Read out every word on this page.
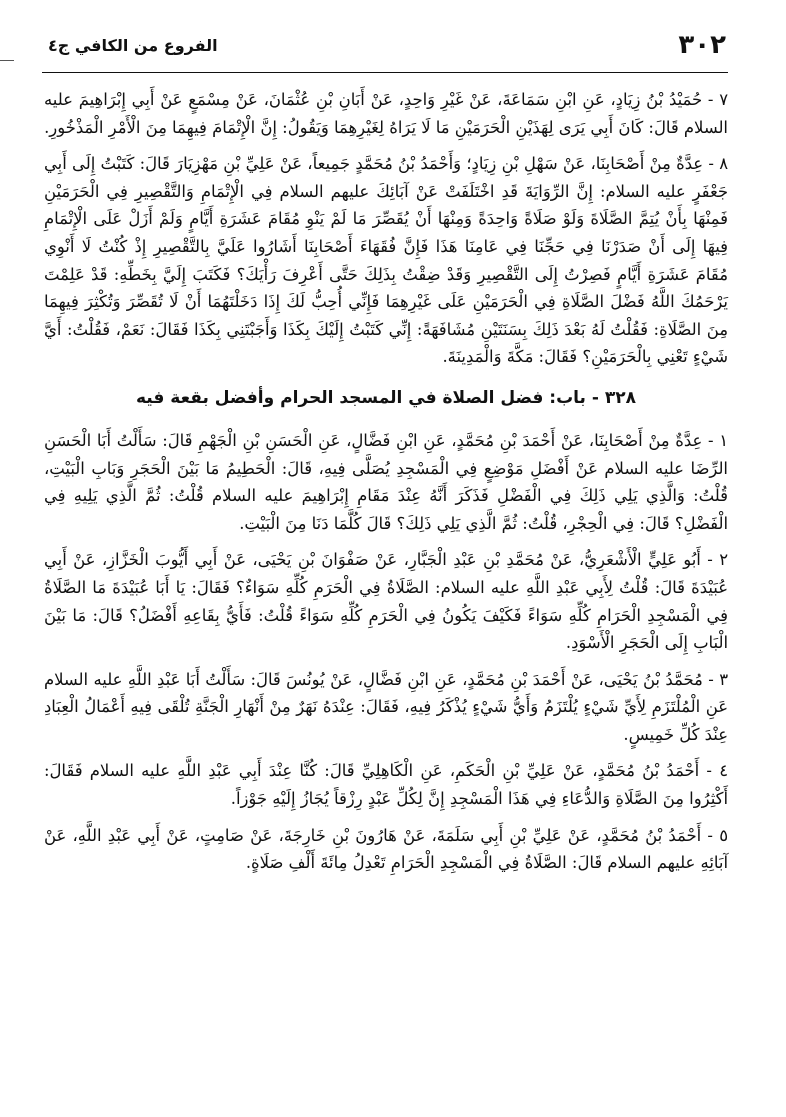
٣٠٢
الفروع من الكافي ج٤

٧ - حُمَيْدُ بْنُ زِيَادٍ، عَنِ ابْنِ سَمَاعَةَ، عَنْ غَيْرِ وَاحِدٍ، عَنْ أَبَانِ بْنِ عُثْمَانَ، عَنْ مِسْمَعٍ عَنْ أَبِي إِبْرَاهِيمَ عليه السلام قَالَ: كَانَ أَبِي يَرَى لِهَذَيْنِ الْحَرَمَيْنِ مَا لَا يَرَاهُ لِغَيْرِهِمَا وَيَقُولُ: إِنَّ الْإِتْمَامَ فِيهِمَا مِنَ الْأَمْرِ الْمَذْخُورِ.

٨ - عِدَّةٌ مِنْ أَصْحَابِنَا، عَنْ سَهْلِ بْنِ زِيَادٍ؛ وَأَحْمَدُ بْنُ مُحَمَّدٍ جَمِيعاً، عَنْ عَلِيِّ بْنِ مَهْزِيَارَ قَالَ: كَتَبْتُ إِلَى أَبِي جَعْفَرٍ عليه السلام: إِنَّ الرِّوَايَةَ قَدِ اخْتَلَفَتْ عَنْ آبَائِكَ عليهم السلام فِي الْإِتْمَامِ وَالتَّقْصِيرِ فِي الْحَرَمَيْنِ فَمِنْهَا بِأَنْ يُتِمَّ الصَّلَاةَ وَلَوْ صَلَاةً وَاحِدَةً وَمِنْهَا أَنْ يُقَصِّرَ مَا لَمْ يَنْوِ مُقَامَ عَشَرَةِ أَيَّامٍ وَلَمْ أَزَلْ عَلَى الْإِتْمَامِ فِيهَا إِلَى أَنْ صَدَرْنَا فِي حَجِّنَا فِي عَامِنَا هَذَا فَإِنَّ فُقَهَاءَ أَصْحَابِنَا أَشَارُوا عَلَيَّ بِالتَّقْصِيرِ إِذْ كُنْتُ لَا أَنْوِي مُقَامَ عَشَرَةِ أَيَّامٍ فَصِرْتُ إِلَى التَّقْصِيرِ وَقَدْ ضِقْتُ بِذَلِكَ حَتَّى أَعْرِفَ رَأْيَكَ؟ فَكَتَبَ إِلَيَّ بِخَطِّهِ: قَدْ عَلِمْتَ يَرْحَمُكَ اللَّهُ فَضْلَ الصَّلَاةِ فِي الْحَرَمَيْنِ عَلَى غَيْرِهِمَا فَإِنِّي أُحِبُّ لَكَ إِذَا دَخَلْتَهُمَا أَنْ لَا تُقَصِّرَ وَتُكْثِرَ فِيهِمَا مِنَ الصَّلَاةِ: فَقُلْتُ لَهُ بَعْدَ ذَلِكَ بِسَنَتَيْنِ مُشَافَهَةً: إِنِّي كَتَبْتُ إِلَيْكَ بِكَذَا وَأَجَبْتَنِي بِكَذَا فَقَالَ: نَعَمْ، فَقُلْتُ: أَيَّ شَيْءٍ تَعْنِي بِالْحَرَمَيْنِ؟ فَقَالَ: مَكَّةَ وَالْمَدِينَةَ.

٣٢٨ - باب: فضل الصلاة في المسجد الحرام وأفضل بقعة فيه

١ - عِدَّةٌ مِنْ أَصْحَابِنَا، عَنْ أَحْمَدَ بْنِ مُحَمَّدٍ، عَنِ ابْنِ فَضَّالٍ، عَنِ الْحَسَنِ بْنِ الْجَهْمِ قَالَ: سَأَلْتُ أَبَا الْحَسَنِ الرِّضَا عليه السلام عَنْ أَفْضَلِ مَوْضِعٍ فِي الْمَسْجِدِ يُصَلَّى فِيهِ، قَالَ: الْحَطِيمُ مَا بَيْنَ الْحَجَرِ وَبَابِ الْبَيْتِ، قُلْتُ: وَالَّذِي يَلِي ذَلِكَ فِي الْفَضْلِ فَذَكَرَ أَنَّهُ عِنْدَ مَقَامِ إِبْرَاهِيمَ عليه السلام قُلْتُ: ثُمَّ الَّذِي يَلِيهِ فِي الْفَضْلِ؟ قَالَ: فِي الْحِجْرِ، قُلْتُ: ثُمَّ الَّذِي يَلِي ذَلِكَ؟ قَالَ كُلَّمَا دَنَا مِنَ الْبَيْتِ.

٢ - أَبُو عَلِيٍّ الْأَشْعَرِيُّ، عَنْ مُحَمَّدِ بْنِ عَبْدِ الْجَبَّارِ، عَنْ صَفْوَانَ بْنِ يَحْيَى، عَنْ أَبِي أَيُّوبَ الْخَزَّازِ، عَنْ أَبِي عُبَيْدَةَ قَالَ: قُلْتُ لِأَبِي عَبْدِ اللَّهِ عليه السلام: الصَّلَاةُ فِي الْحَرَمِ كُلِّهِ سَوَاءٌ؟ فَقَالَ: يَا أَبَا عُبَيْدَةَ مَا الصَّلَاةُ فِي الْمَسْجِدِ الْحَرَامِ كُلِّهِ سَوَاءً فَكَيْفَ يَكُونُ فِي الْحَرَمِ كُلِّهِ سَوَاءً قُلْتُ: فَأَيُّ بِقَاعِهِ أَفْضَلُ؟ قَالَ: مَا بَيْنَ الْبَابِ إِلَى الْحَجَرِ الْأَسْوَدِ.

٣ - مُحَمَّدُ بْنُ يَحْيَى، عَنْ أَحْمَدَ بْنِ مُحَمَّدٍ، عَنِ ابْنِ فَضَّالٍ، عَنْ يُونُسَ قَالَ: سَأَلْتُ أَبَا عَبْدِ اللَّهِ عليه السلام عَنِ الْمُلْتَزَمِ لِأَيِّ شَيْءٍ يُلْتَزَمُ وَأَيُّ شَيْءٍ يُذْكَرُ فِيهِ، فَقَالَ: عِنْدَهُ نَهَرٌ مِنْ أَنْهَارِ الْجَنَّةِ تُلْقَى فِيهِ أَعْمَالُ الْعِبَادِ عِنْدَ كُلِّ خَمِيسٍ.

٤ - أَحْمَدُ بْنُ مُحَمَّدٍ، عَنْ عَلِيِّ بْنِ الْحَكَمِ، عَنِ الْكَاهِلِيِّ قَالَ: كُنَّا عِنْدَ أَبِي عَبْدِ اللَّهِ عليه السلام فَقَالَ: أَكْثِرُوا مِنَ الصَّلَاةِ وَالدُّعَاءِ فِي هَذَا الْمَسْجِدِ إِنَّ لِكُلِّ عَبْدٍ رِزْقاً يُجَازُ إِلَيْهِ جَوْزاً.

٥ - أَحْمَدُ بْنُ مُحَمَّدٍ، عَنْ عَلِيِّ بْنِ أَبِي سَلَمَةَ، عَنْ هَارُونَ بْنِ خَارِجَةَ، عَنْ صَامِتٍ، عَنْ أَبِي عَبْدِ اللَّهِ، عَنْ آبَائِهِ عليهم السلام قَالَ: الصَّلَاةُ فِي الْمَسْجِدِ الْحَرَامِ تَعْدِلُ مِائَةَ أَلْفِ صَلَاةٍ.
